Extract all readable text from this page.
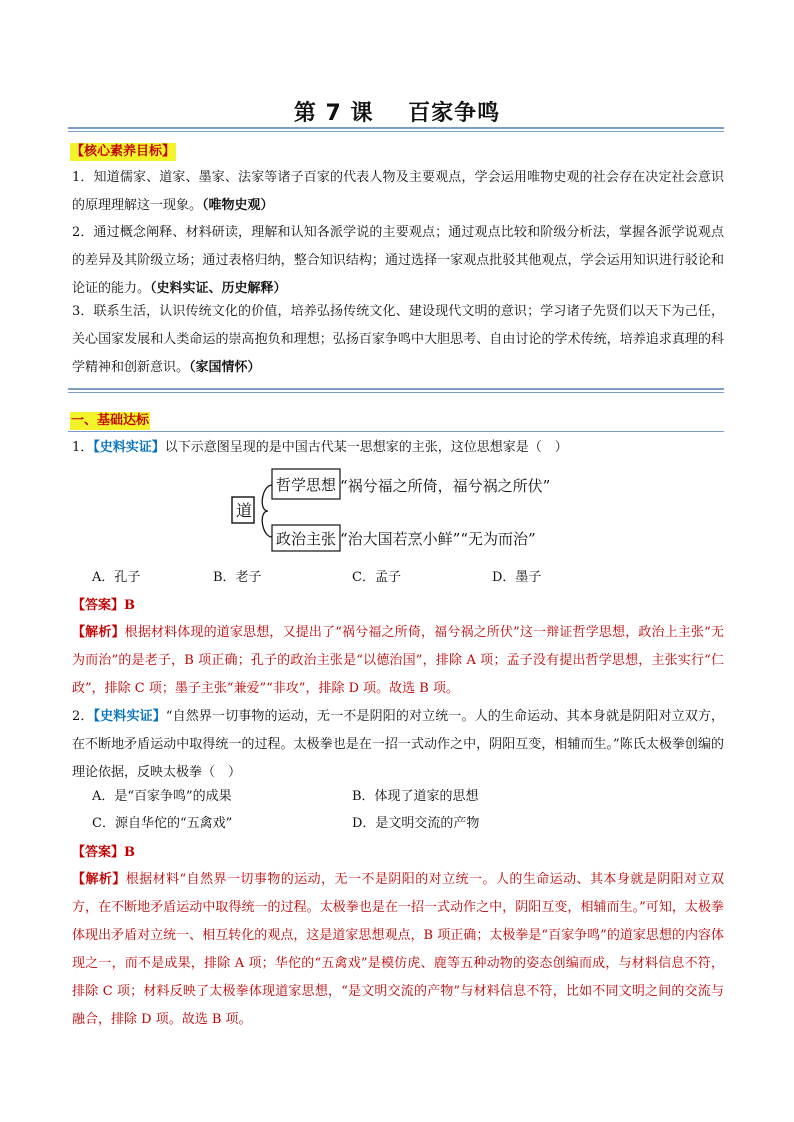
第 7 课    百家争鸣
【核心素养目标】
1．知道儒家、道家、墨家、法家等诸子百家的代表人物及主要观点，学会运用唯物史观的社会存在决定社会意识的原理理解这一现象。（唯物史观）
2．通过概念阐释、材料研读，理解和认知各派学说的主要观点；通过观点比较和阶级分析法，掌握各派学说观点的差异及其阶级立场；通过表格归纳，整合知识结构；通过选择一家观点批驳其他观点，学会运用知识进行驳论和论证的能力。（史料实证、历史解释）
3．联系生活，认识传统文化的价值，培养弘扬传统文化、建设现代文明的意识；学习诸子先贤们以天下为己任，关心国家发展和人类命运的崇高抱负和理想；弘扬百家争鸣中大胆思考、自由讨论的学术传统，培养追求真理的科学精神和创新意识。（家国情怀）
一、基础达标
1．【史料实证】以下示意图呈现的是中国古代某一思想家的主张，这位思想家是（　）
道
哲学思想
政治主张
“祸兮福之所倚，福兮祸之所伏”
“治大国若烹小鲜”“无为而治”
A．孔子	B．老子	C．孟子	D．墨子
【答案】B
【解析】根据材料体现的道家思想，又提出了“祸兮福之所倚，福兮祸之所伏”这一辩证哲学思想，政治上主张“无为而治”的是老子，B 项正确；孔子的政治主张是“以德治国”，排除 A 项；孟子没有提出哲学思想，主张实行“仁政”，排除 C 项；墨子主张“兼爱”“非攻”，排除 D 项。故选 B 项。
2．【史料实证】“自然界一切事物的运动，无一不是阴阳的对立统一。人的生命运动、其本身就是阴阳对立双方，在不断地矛盾运动中取得统一的过程。太极拳也是在一招一式动作之中，阴阳互变，相辅而生。”陈氏太极拳创编的理论依据，反映太极拳（　）
A．是“百家争鸣”的成果	B．体现了道家的思想
C．源自华佗的“五禽戏”	D．是文明交流的产物
【答案】B
【解析】根据材料“自然界一切事物的运动，无一不是阴阳的对立统一。人的生命运动、其本身就是阴阳对立双方，在不断地矛盾运动中取得统一的过程。太极拳也是在一招一式动作之中，阴阳互变，相辅而生。”可知，太极拳体现出矛盾对立统一、相互转化的观点，这是道家思想观点，B 项正确；太极拳是“百家争鸣”的道家思想的内容体现之一，而不是成果，排除 A 项；华佗的“五禽戏”是模仿虎、鹿等五种动物的姿态创编而成，与材料信息不符，排除 C 项；材料反映了太极拳体现道家思想，“是文明交流的产物”与材料信息不符，比如不同文明之间的交流与融合，排除 D 项。故选 B 项。
